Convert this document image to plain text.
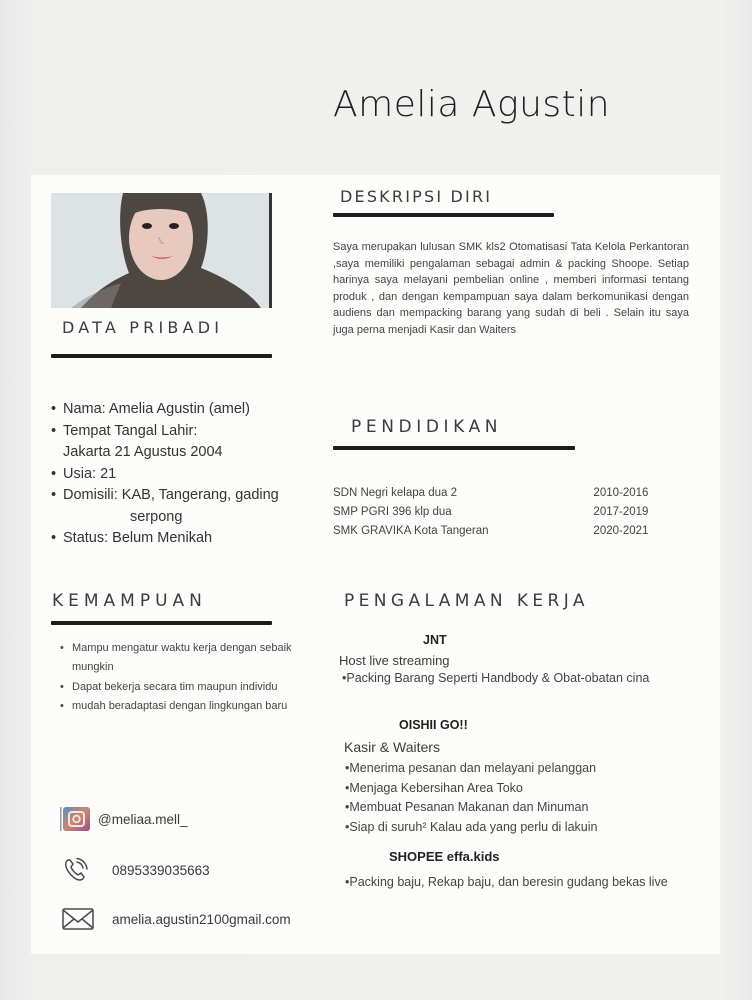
Amelia Agustin
DATA PRIBADI
• Nama: Amelia Agustin (amel)
• Tempat Tangal Lahir:
Jakarta 21 Agustus 2004
• Usia: 21
• Domisili: KAB, Tangerang, gading
serpong
• Status: Belum Menikah
KEMAMPUAN
• Mampu mengatur waktu kerja dengan sebaik mungkin
• Dapat bekerja secara tim maupun individu
• mudah beradaptasi dengan lingkungan baru
@meliaa.mell_
0895339035663
amelia.agustin2100gmail.com
DESKRIPSI DIRI
Saya merupakan lulusan SMK kls2 Otomatisasi Tata Kelola Perkantoran ,saya memiliki pengalaman sebagai admin & packing Shoope. Setiap harinya saya melayani pembelian online , memberi informasi tentang produk , dan dengan kempampuan saya dalam berkomunikasi dengan audiens dan mempacking barang yang sudah di beli . Selain itu saya juga perna menjadi Kasir dan Waiters
PENDIDIKAN
SDN Negri kelapa dua 2	2010-2016
SMP PGRI 396 klp dua	2017-2019
SMK GRAVIKA Kota Tangeran	2020-2021
PENGALAMAN KERJA
JNT
Host live streaming
•Packing Barang Seperti Handbody & Obat-obatan cina
OISHII GO!!
Kasir & Waiters
•Menerima pesanan dan melayani pelanggan
•Menjaga Kebersihan Area Toko
•Membuat Pesanan Makanan dan Minuman
•Siap di suruh² Kalau ada yang perlu di lakuin
SHOPEE effa.kids
•Packing baju, Rekap baju, dan beresin gudang bekas live
